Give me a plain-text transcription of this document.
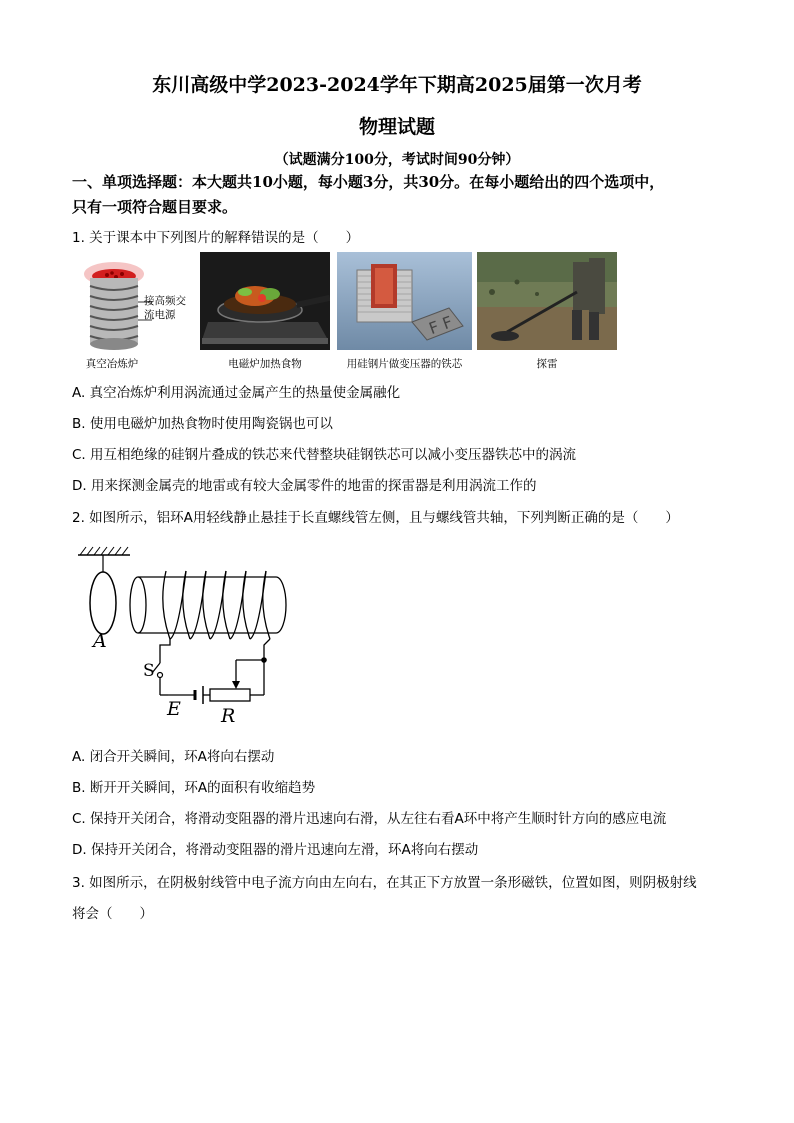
东川高级中学2023-2024学年下期高2025届第一次月考
物理试题
（试题满分100分，考试时间90分钟）
一、单项选择题：本大题共10小题，每小题3分，共30分。在每小题给出的四个选项中，
只有一项符合题目要求。
1. 关于课本中下列图片的解释错误的是（　　）
接高频交流电源
真空冶炼炉	电磁炉加热食物
F F
用硅钢片做变压器的铁芯	探雷
A. 真空冶炼炉利用涡流通过金属产生的热量使金属融化
B. 使用电磁炉加热食物时使用陶瓷锅也可以
C. 用互相绝缘的硅钢片叠成的铁芯来代替整块硅钢铁芯可以减小变压器铁芯中的涡流
D. 用来探测金属壳的地雷或有较大金属零件的地雷的探雷器是利用涡流工作的
2. 如图所示，铝环A用轻线静止悬挂于长直螺线管左侧，且与螺线管共轴，下列判断正确的是（　　）
A
S
E R
A. 闭合开关瞬间，环A将向右摆动
B. 断开开关瞬间，环A的面积有收缩趋势
C. 保持开关闭合，将滑动变阻器的滑片迅速向右滑，从左往右看A环中将产生顺时针方向的感应电流
D. 保持开关闭合，将滑动变阻器的滑片迅速向左滑，环A将向右摆动
3. 如图所示，在阴极射线管中电子流方向由左向右，在其正下方放置一条形磁铁，位置如图，则阴极射线
将会（　　）
